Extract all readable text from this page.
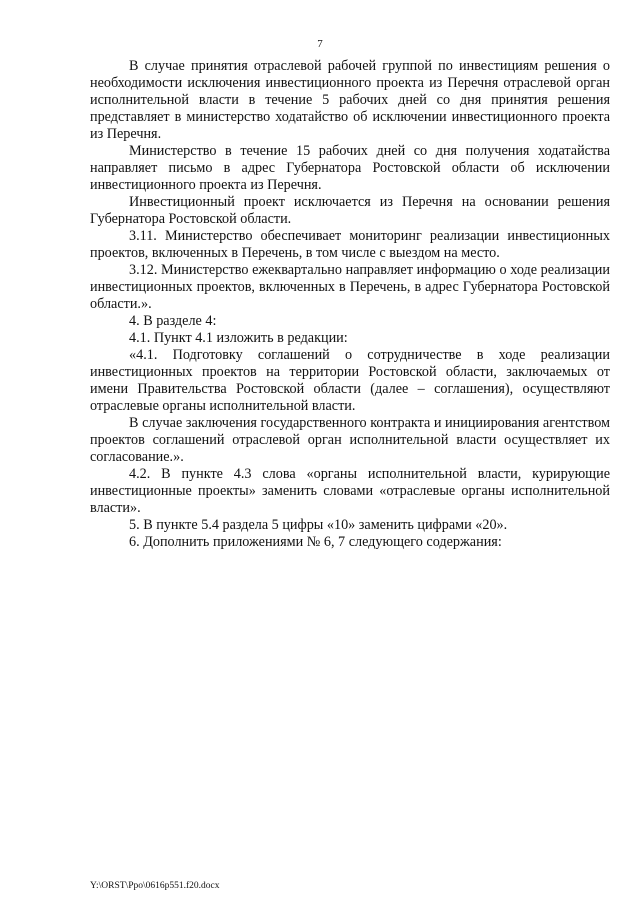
7

В случае принятия отраслевой рабочей группой по инвестициям решения о необходимости исключения инвестиционного проекта из Перечня отраслевой орган исполнительной власти в течение 5 рабочих дней со дня принятия решения представляет в министерство ходатайство об исключении инвестиционного проекта из Перечня.

Министерство в течение 15 рабочих дней со дня получения ходатайства направляет письмо в адрес Губернатора Ростовской области об исключении инвестиционного проекта из Перечня.

Инвестиционный проект исключается из Перечня на основании решения Губернатора Ростовской области.

3.11. Министерство обеспечивает мониторинг реализации инвестиционных проектов, включенных в Перечень, в том числе с выездом на место.

3.12. Министерство ежеквартально направляет информацию о ходе реализации инвестиционных проектов, включенных в Перечень, в адрес Губернатора Ростовской области.».

4. В разделе 4:

4.1. Пункт 4.1 изложить в редакции:

«4.1. Подготовку соглашений о сотрудничестве в ходе реализации инвестиционных проектов на территории Ростовской области, заключаемых от имени Правительства Ростовской области (далее – соглашения), осуществляют отраслевые органы исполнительной власти.

В случае заключения государственного контракта и инициирования агентством проектов соглашений отраслевой орган исполнительной власти осуществляет их согласование.».

4.2. В пункте 4.3 слова «органы исполнительной власти, курирующие инвестиционные проекты» заменить словами «отраслевые органы исполнительной власти».

5. В пункте 5.4 раздела 5 цифры «10» заменить цифрами «20».

6. Дополнить приложениями № 6, 7 следующего содержания:

Y:\ORST\Ppo\0616p551.f20.docx
